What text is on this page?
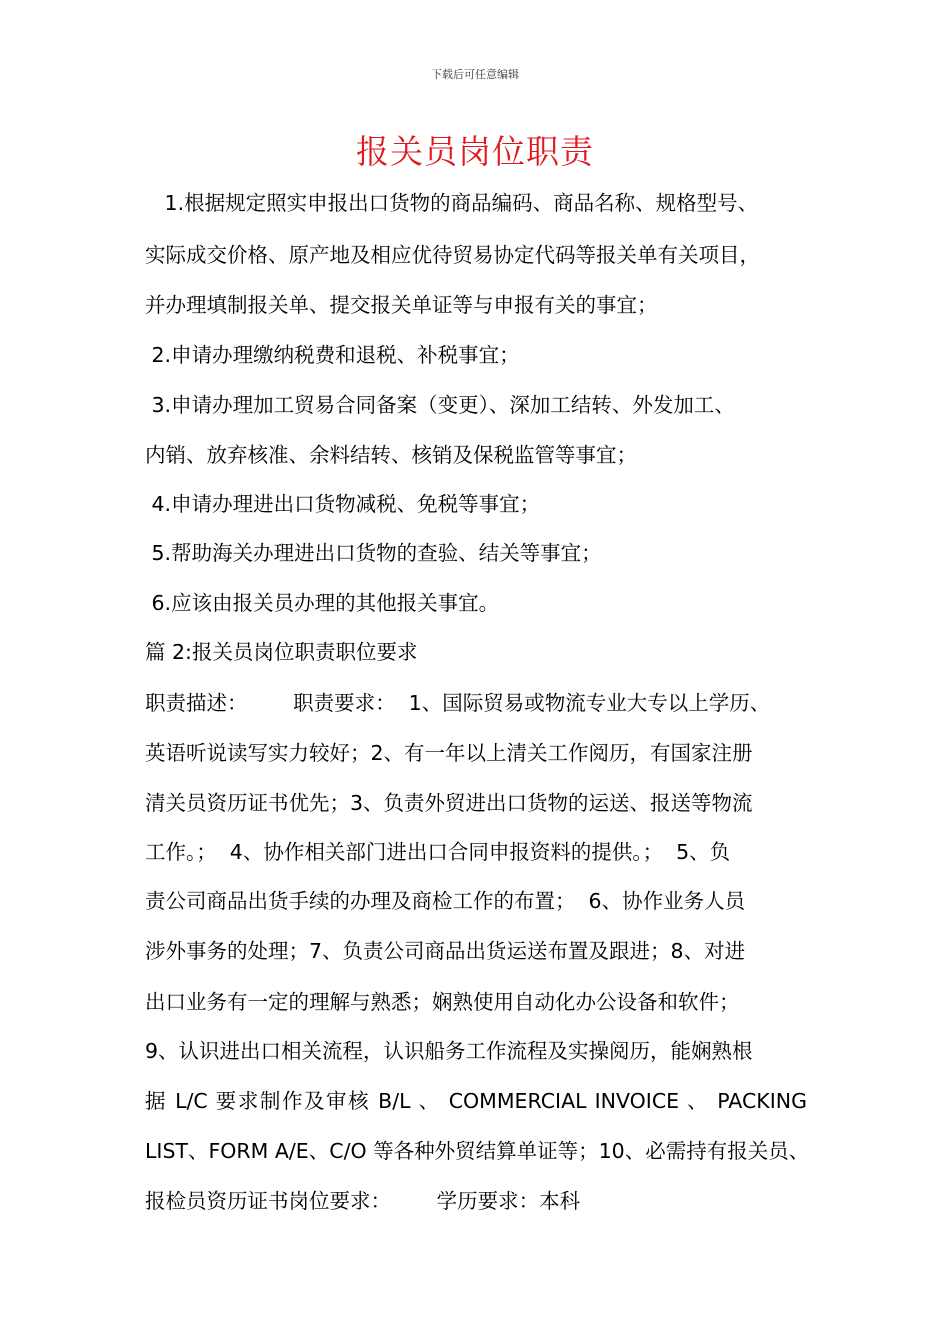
下载后可任意编辑
报关员岗位职责
1.根据规定照实申报出口货物的商品编码、商品名称、规格型号、
实际成交价格、原产地及相应优待贸易协定代码等报关单有关项目，
并办理填制报关单、提交报关单证等与申报有关的事宜；
2.申请办理缴纳税费和退税、补税事宜；
3.申请办理加工贸易合同备案（变更）、深加工结转、外发加工、
内销、放弃核准、余料结转、核销及保税监管等事宜；
4.申请办理进出口货物减税、免税等事宜；
5.帮助海关办理进出口货物的查验、结关等事宜；
6.应该由报关员办理的其他报关事宜。
篇 2:报关员岗位职责职位要求
职责描述：       职责要求：  1、国际贸易或物流专业大专以上学历、
英语听说读写实力较好；2、有一年以上清关工作阅历，有国家注册
清关员资历证书优先；3、负责外贸进出口货物的运送、报送等物流
工作。；  4、协作相关部门进出口合同申报资料的提供。；  5、负
责公司商品出货手续的办理及商检工作的布置；  6、协作业务人员
涉外事务的处理；7、负责公司商品出货运送布置及跟进；8、对进
出口业务有一定的理解与熟悉；娴熟使用自动化办公设备和软件；
9、认识进出口相关流程，认识船务工作流程及实操阅历，能娴熟根
据 L/C 要求制作及审核 B/L 、 COMMERCIAL INVOICE 、 PACKING
LIST、FORM A/E、C/O 等各种外贸结算单证等；10、必需持有报关员、
报检员资历证书岗位要求：       学历要求：本科
